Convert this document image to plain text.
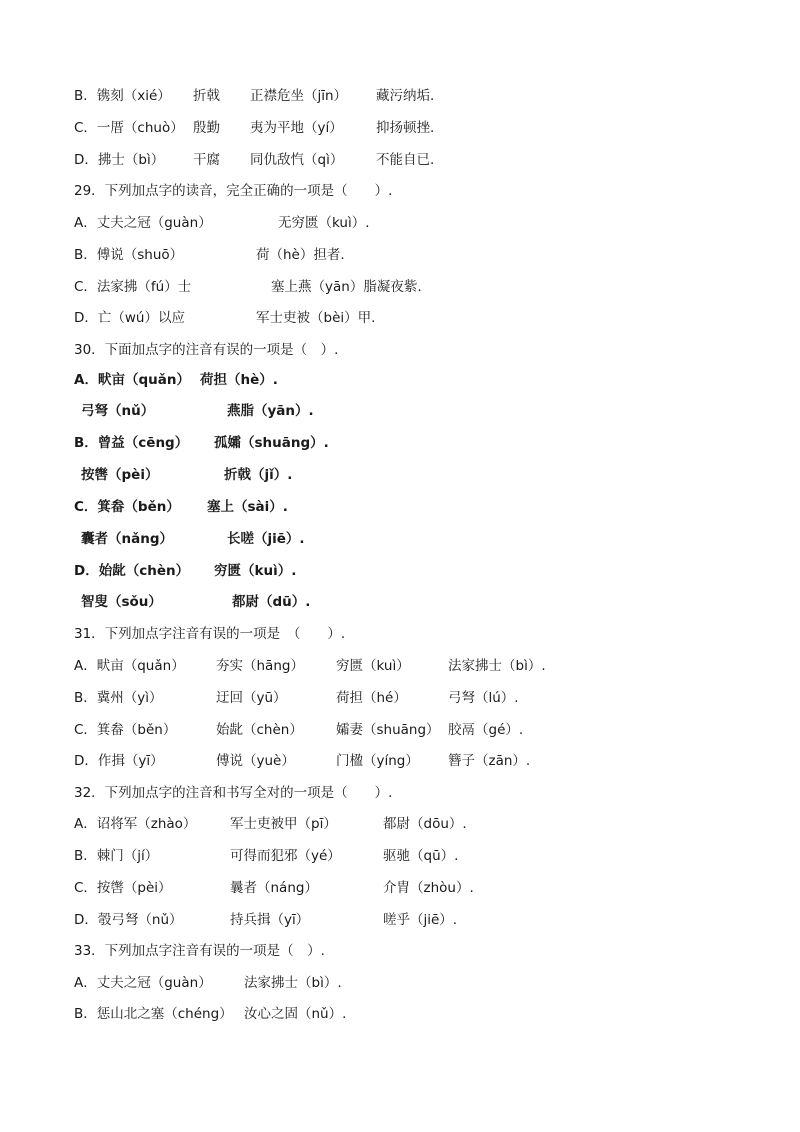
B．镌刻（xié） 折戟 正襟危坐（jīn） 藏污纳垢.
C．一厝（chuò） 殷勤 夷为平地（yí） 抑扬顿挫.
D．拂士（bì） 干腐 同仇敌忾（qì） 不能自已.
29．下列加点字的读音，完全正确的一项是（　　）.
A．丈夫之冠（guàn）	无穷匮（kuì）.
B．傅说（shuō）	荷（hè）担者.
C．法家拂（fú）士	塞上燕（yān）脂凝夜紫.
D．亡（wú）以应	军士吏被（bèi）甲.
30．下面加点字的注音有误的一项是（　）.
A．畎亩（quǎn） 荷担（hè）.
弓弩（nǔ）	燕脂（yān）.
B．曾益（cēng） 孤孀（shuāng）.
按辔（pèi）	折戟（jǐ）.
C．箕畚（běn） 塞上（sài）.
囊者（nǎng）	长嗟（jiē）.
D．始龀（chèn） 穷匮（kuì）.
智叟（sǒu）	都尉（dū）.
31．下列加点字注音有误的一项是　（　　）.
A．畎亩（quǎn） 夯实（hāng） 穷匮（kuì）	法家拂士（bì）.
B．冀州（yì）	迂回（yū）	荷担（hé）	弓弩（lú）.
C．箕畚（běn）	始龀（chèn） 孀妻（shuāng） 胶鬲（gé）.
D．作揖（yī）	傅说（yuè）	门楹（yíng） 簪子（zān）.
32．下列加点字的注音和书写全对的一项是（　　）.
A．诏将军（zhào） 军士吏被甲（pī）	都尉（dōu）.
B．棘门（jí）	可得而犯邪（yé）	驱驰（qū）.
C．按辔（pèi）	曩者（náng）	介胄（zhòu）.
D．彀弓弩（nǔ）	持兵揖（yī）	嗟乎（jiē）.
33．下列加点字注音有误的一项是（　）.
A．丈夫之冠（guàn） 法家拂士（bì）.
B．惩山北之塞（chéng） 汝心之固（nǔ）.
